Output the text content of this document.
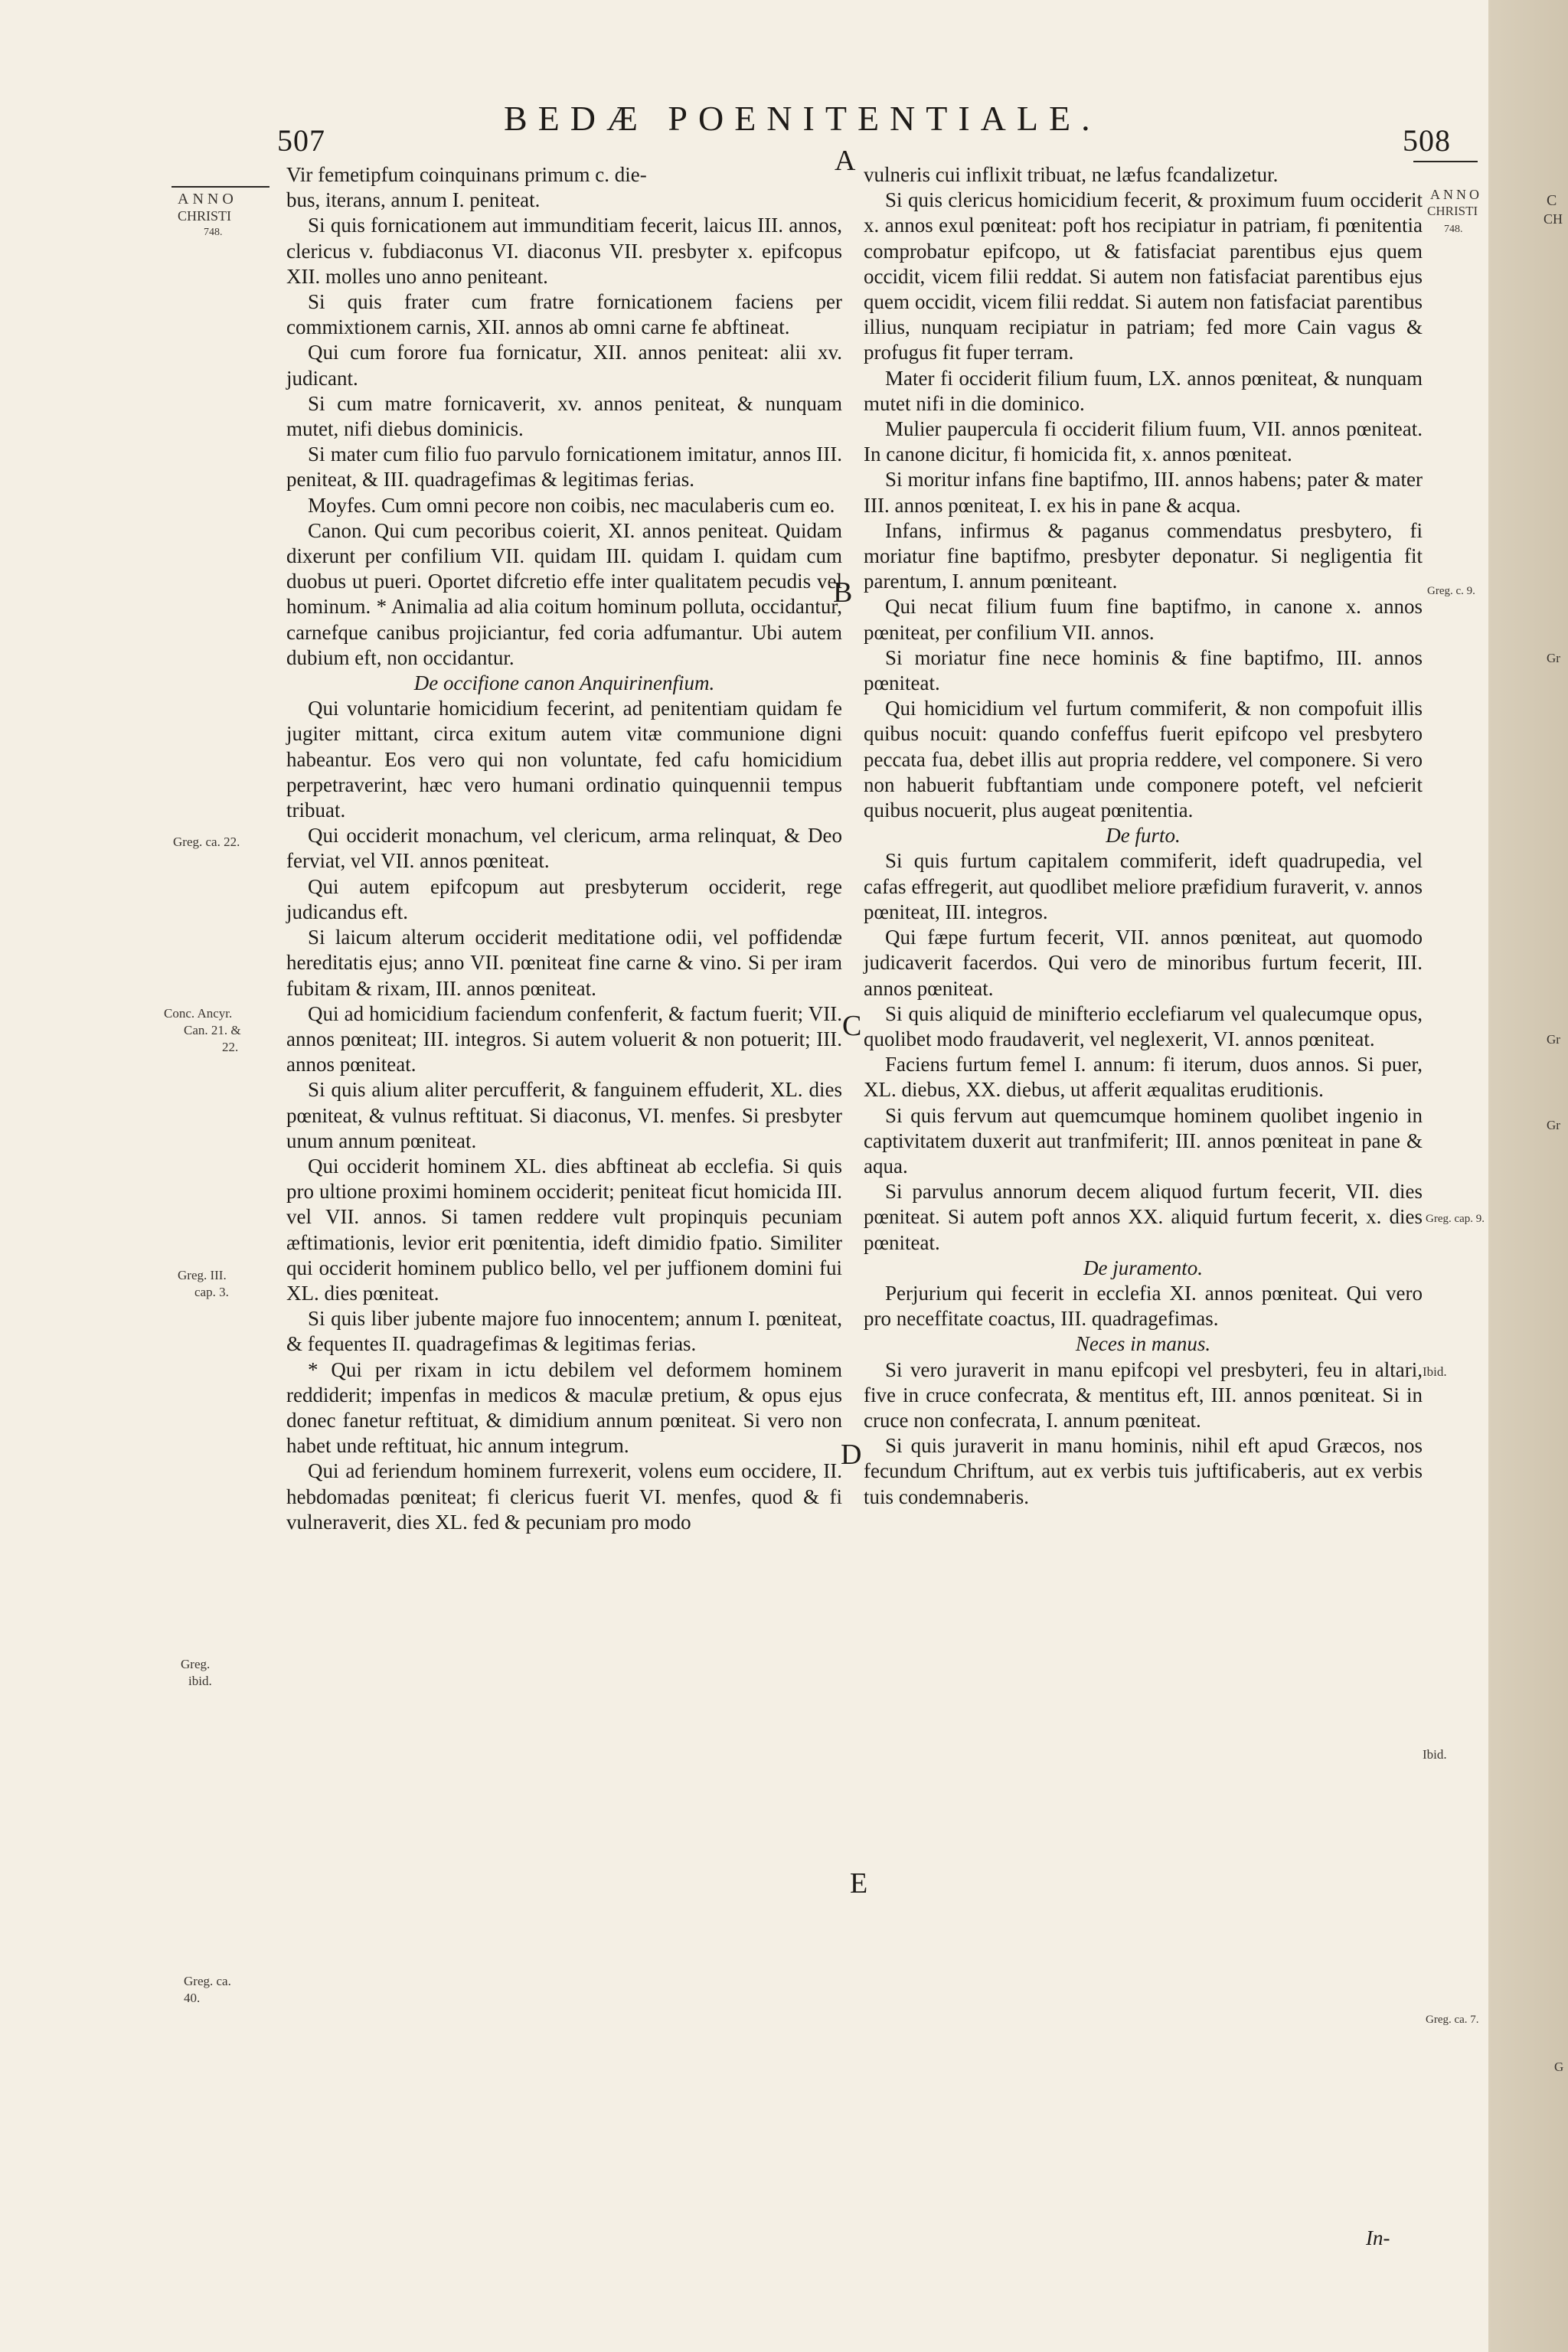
507
BEDÆ POENITENTIALE.
508
ANNO
CHRISTI
748.
Greg. ca. 22.
Conc. Ancyr.
Can. 21. &
22.
Greg. III.
cap. 3.
Greg.
ibid.
Greg. ca.
40.
ANNO
CHRISTI
748.
Greg. c. 9.
Greg. cap. 9.
Ibid.
Ibid.
Greg. ca. 7.
C
CH
Gr
Gr
Gr
G
A
B
C
D
E

Vir femetipfum coinquinans primum c. die-

bus, iterans, annum I. peniteat.

Si quis fornicationem aut immunditiam fecerit, laicus III. annos, clericus v. fubdiaconus VI. diaconus VII. presbyter x. epifcopus XII. molles uno anno peniteant.

Si quis frater cum fratre fornicationem faciens per commixtionem carnis, XII. annos ab omni carne fe abftineat.

Qui cum forore fua fornicatur, XII. annos peniteat: alii xv. judicant.

Si cum matre fornicaverit, xv. annos peniteat, & nunquam mutet, nifi diebus dominicis.

Si mater cum filio fuo parvulo fornicationem imitatur, annos III. peniteat, & III. quadragefimas & legitimas ferias.

Moyfes. Cum omni pecore non coibis, nec maculaberis cum eo.

Canon. Qui cum pecoribus coierit, XI. annos peniteat. Quidam dixerunt per confilium VII. quidam III. quidam I. quidam cum duobus ut pueri. Oportet difcretio effe inter qualitatem pecudis vel hominum. * Animalia ad alia coitum hominum polluta, occidantur, carnefque canibus projiciantur, fed coria adfumantur. Ubi autem dubium eft, non occidantur.

De occifione canon Anquirinenfium.

Qui voluntarie homicidium fecerint, ad penitentiam quidam fe jugiter mittant, circa exitum autem vitæ communione digni habeantur. Eos vero qui non voluntate, fed cafu homicidium perpetraverint, hæc vero humani ordinatio quinquennii tempus tribuat.

Qui occiderit monachum, vel clericum, arma relinquat, & Deo ferviat, vel VII. annos pœniteat.

Qui autem epifcopum aut presbyterum occiderit, rege judicandus eft.

Si laicum alterum occiderit meditatione odii, vel poffidendæ hereditatis ejus; anno VII. pœniteat fine carne & vino. Si per iram fubitam & rixam, III. annos pœniteat.

Qui ad homicidium faciendum confenferit, & factum fuerit; VII. annos pœniteat; III. integros. Si autem voluerit & non potuerit; III. annos pœniteat.

Si quis alium aliter percufferit, & fanguinem effuderit, XL. dies pœniteat, & vulnus reftituat. Si diaconus, VI. menfes. Si presbyter unum annum pœniteat.

Qui occiderit hominem XL. dies abftineat ab ecclefia. Si quis pro ultione proximi hominem occiderit; peniteat ficut homicida III. vel VII. annos. Si tamen reddere vult propinquis pecuniam æftimationis, levior erit pœnitentia, ideft dimidio fpatio. Similiter qui occiderit hominem publico bello, vel per juffionem domini fui XL. dies pœniteat.

Si quis liber jubente majore fuo innocentem; annum I. pœniteat, & fequentes II. quadragefimas & legitimas ferias.

* Qui per rixam in ictu debilem vel deformem hominem reddiderit; impenfas in medicos & maculæ pretium, & opus ejus donec fanetur reftituat, & dimidium annum pœniteat. Si vero non habet unde reftituat, hic annum integrum.

Qui ad feriendum hominem furrexerit, volens eum occidere, II. hebdomadas pœniteat; fi clericus fuerit VI. menfes, quod & fi vulneraverit, dies XL. fed & pecuniam pro modo

vulneris cui inflixit tribuat, ne læfus fcandalizetur.

Si quis clericus homicidium fecerit, & proximum fuum occiderit x. annos exul pœniteat: poft hos recipiatur in patriam, fi pœnitentia comprobatur epifcopo, ut & fatisfaciat parentibus ejus quem occidit, vicem filii reddat. Si autem non fatisfaciat parentibus ejus quem occidit, vicem filii reddat. Si autem non fatisfaciat parentibus illius, nunquam recipiatur in patriam; fed more Cain vagus & profugus fit fuper terram.

Mater fi occiderit filium fuum, LX. annos pœniteat, & nunquam mutet nifi in die dominico.

Mulier paupercula fi occiderit filium fuum, VII. annos pœniteat. In canone dicitur, fi homicida fit, x. annos pœniteat.

Si moritur infans fine baptifmo, III. annos habens; pater & mater III. annos pœniteat, I. ex his in pane & acqua.

Infans, infirmus & paganus commendatus presbytero, fi moriatur fine baptifmo, presbyter deponatur. Si negligentia fit parentum, I. annum pœniteant.

Qui necat filium fuum fine baptifmo, in canone x. annos pœniteat, per confilium VII. annos.

Si moriatur fine nece hominis & fine baptifmo, III. annos pœniteat.

Qui homicidium vel furtum commiferit, & non compofuit illis quibus nocuit: quando confeffus fuerit epifcopo vel presbytero peccata fua, debet illis aut propria reddere, vel componere. Si vero non habuerit fubftantiam unde componere poteft, vel nefcierit quibus nocuerit, plus augeat pœnitentia.

De furto.

Si quis furtum capitalem commiferit, ideft quadrupedia, vel cafas effregerit, aut quodlibet meliore præfidium furaverit, v. annos pœniteat, III. integros.

Qui fæpe furtum fecerit, VII. annos pœniteat, aut quomodo judicaverit facerdos. Qui vero de minoribus furtum fecerit, III. annos pœniteat.

Si quis aliquid de minifterio ecclefiarum vel qualecumque opus, quolibet modo fraudaverit, vel neglexerit, VI. annos pœniteat.

Faciens furtum femel I. annum: fi iterum, duos annos. Si puer, XL. diebus, XX. diebus, ut afferit æqualitas eruditionis.

Si quis fervum aut quemcumque hominem quolibet ingenio in captivitatem duxerit aut tranfmiferit; III. annos pœniteat in pane & aqua.

Si parvulus annorum decem aliquod furtum fecerit, VII. dies pœniteat. Si autem poft annos XX. aliquid furtum fecerit, x. dies pœniteat.

De juramento.

Perjurium qui fecerit in ecclefia XI. annos pœniteat. Qui vero pro neceffitate coactus, III. quadragefimas.

Neces in manus.

Si vero juraverit in manu epifcopi vel presbyteri, feu in altari, five in cruce confecrata, & mentitus eft, III. annos pœniteat. Si in cruce non confecrata, I. annum pœniteat.

Si quis juraverit in manu hominis, nihil eft apud Græcos, nos fecundum Chriftum, aut ex verbis tuis juftificaberis, aut ex verbis tuis condemnaberis.

In-
